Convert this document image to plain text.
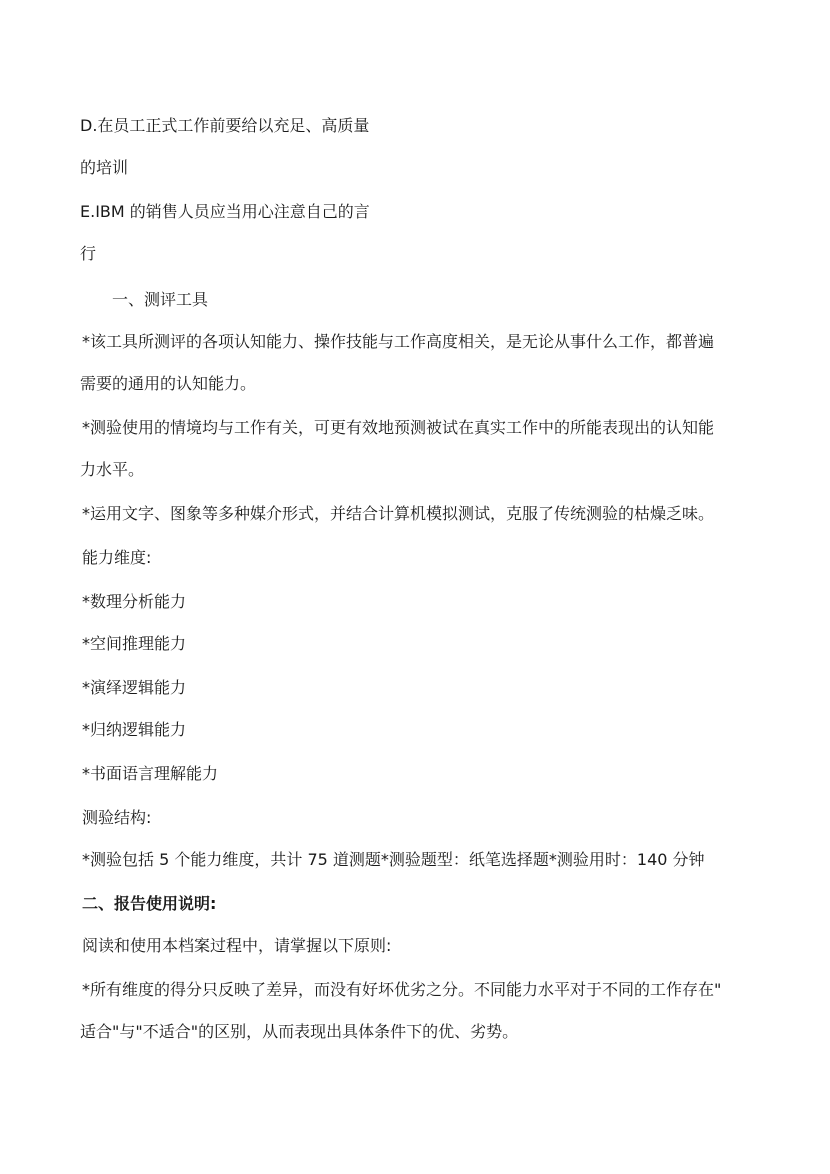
D.在员工正式工作前要给以充足、高质量
的培训
E.IBM 的销售人员应当用心注意自己的言
行
一、测评工具
*该工具所测评的各项认知能力、操作技能与工作高度相关，是无论从事什么工作，都普遍
需要的通用的认知能力。
*测验使用的情境均与工作有关，可更有效地预测被试在真实工作中的所能表现出的认知能
力水平。
*运用文字、图象等多种媒介形式，并结合计算机模拟测试，克服了传统测验的枯燥乏味。
能力维度:
*数理分析能力
*空间推理能力
*演绎逻辑能力
*归纳逻辑能力
*书面语言理解能力
测验结构:
*测验包括 5 个能力维度，共计 75 道测题*测验题型：纸笔选择题*测验用时：140 分钟
二、报告使用说明:
阅读和使用本档案过程中，请掌握以下原则:
*所有维度的得分只反映了差异，而没有好坏优劣之分。不同能力水平对于不同的工作存在"
适合"与"不适合"的区别，从而表现出具体条件下的优、劣势。
